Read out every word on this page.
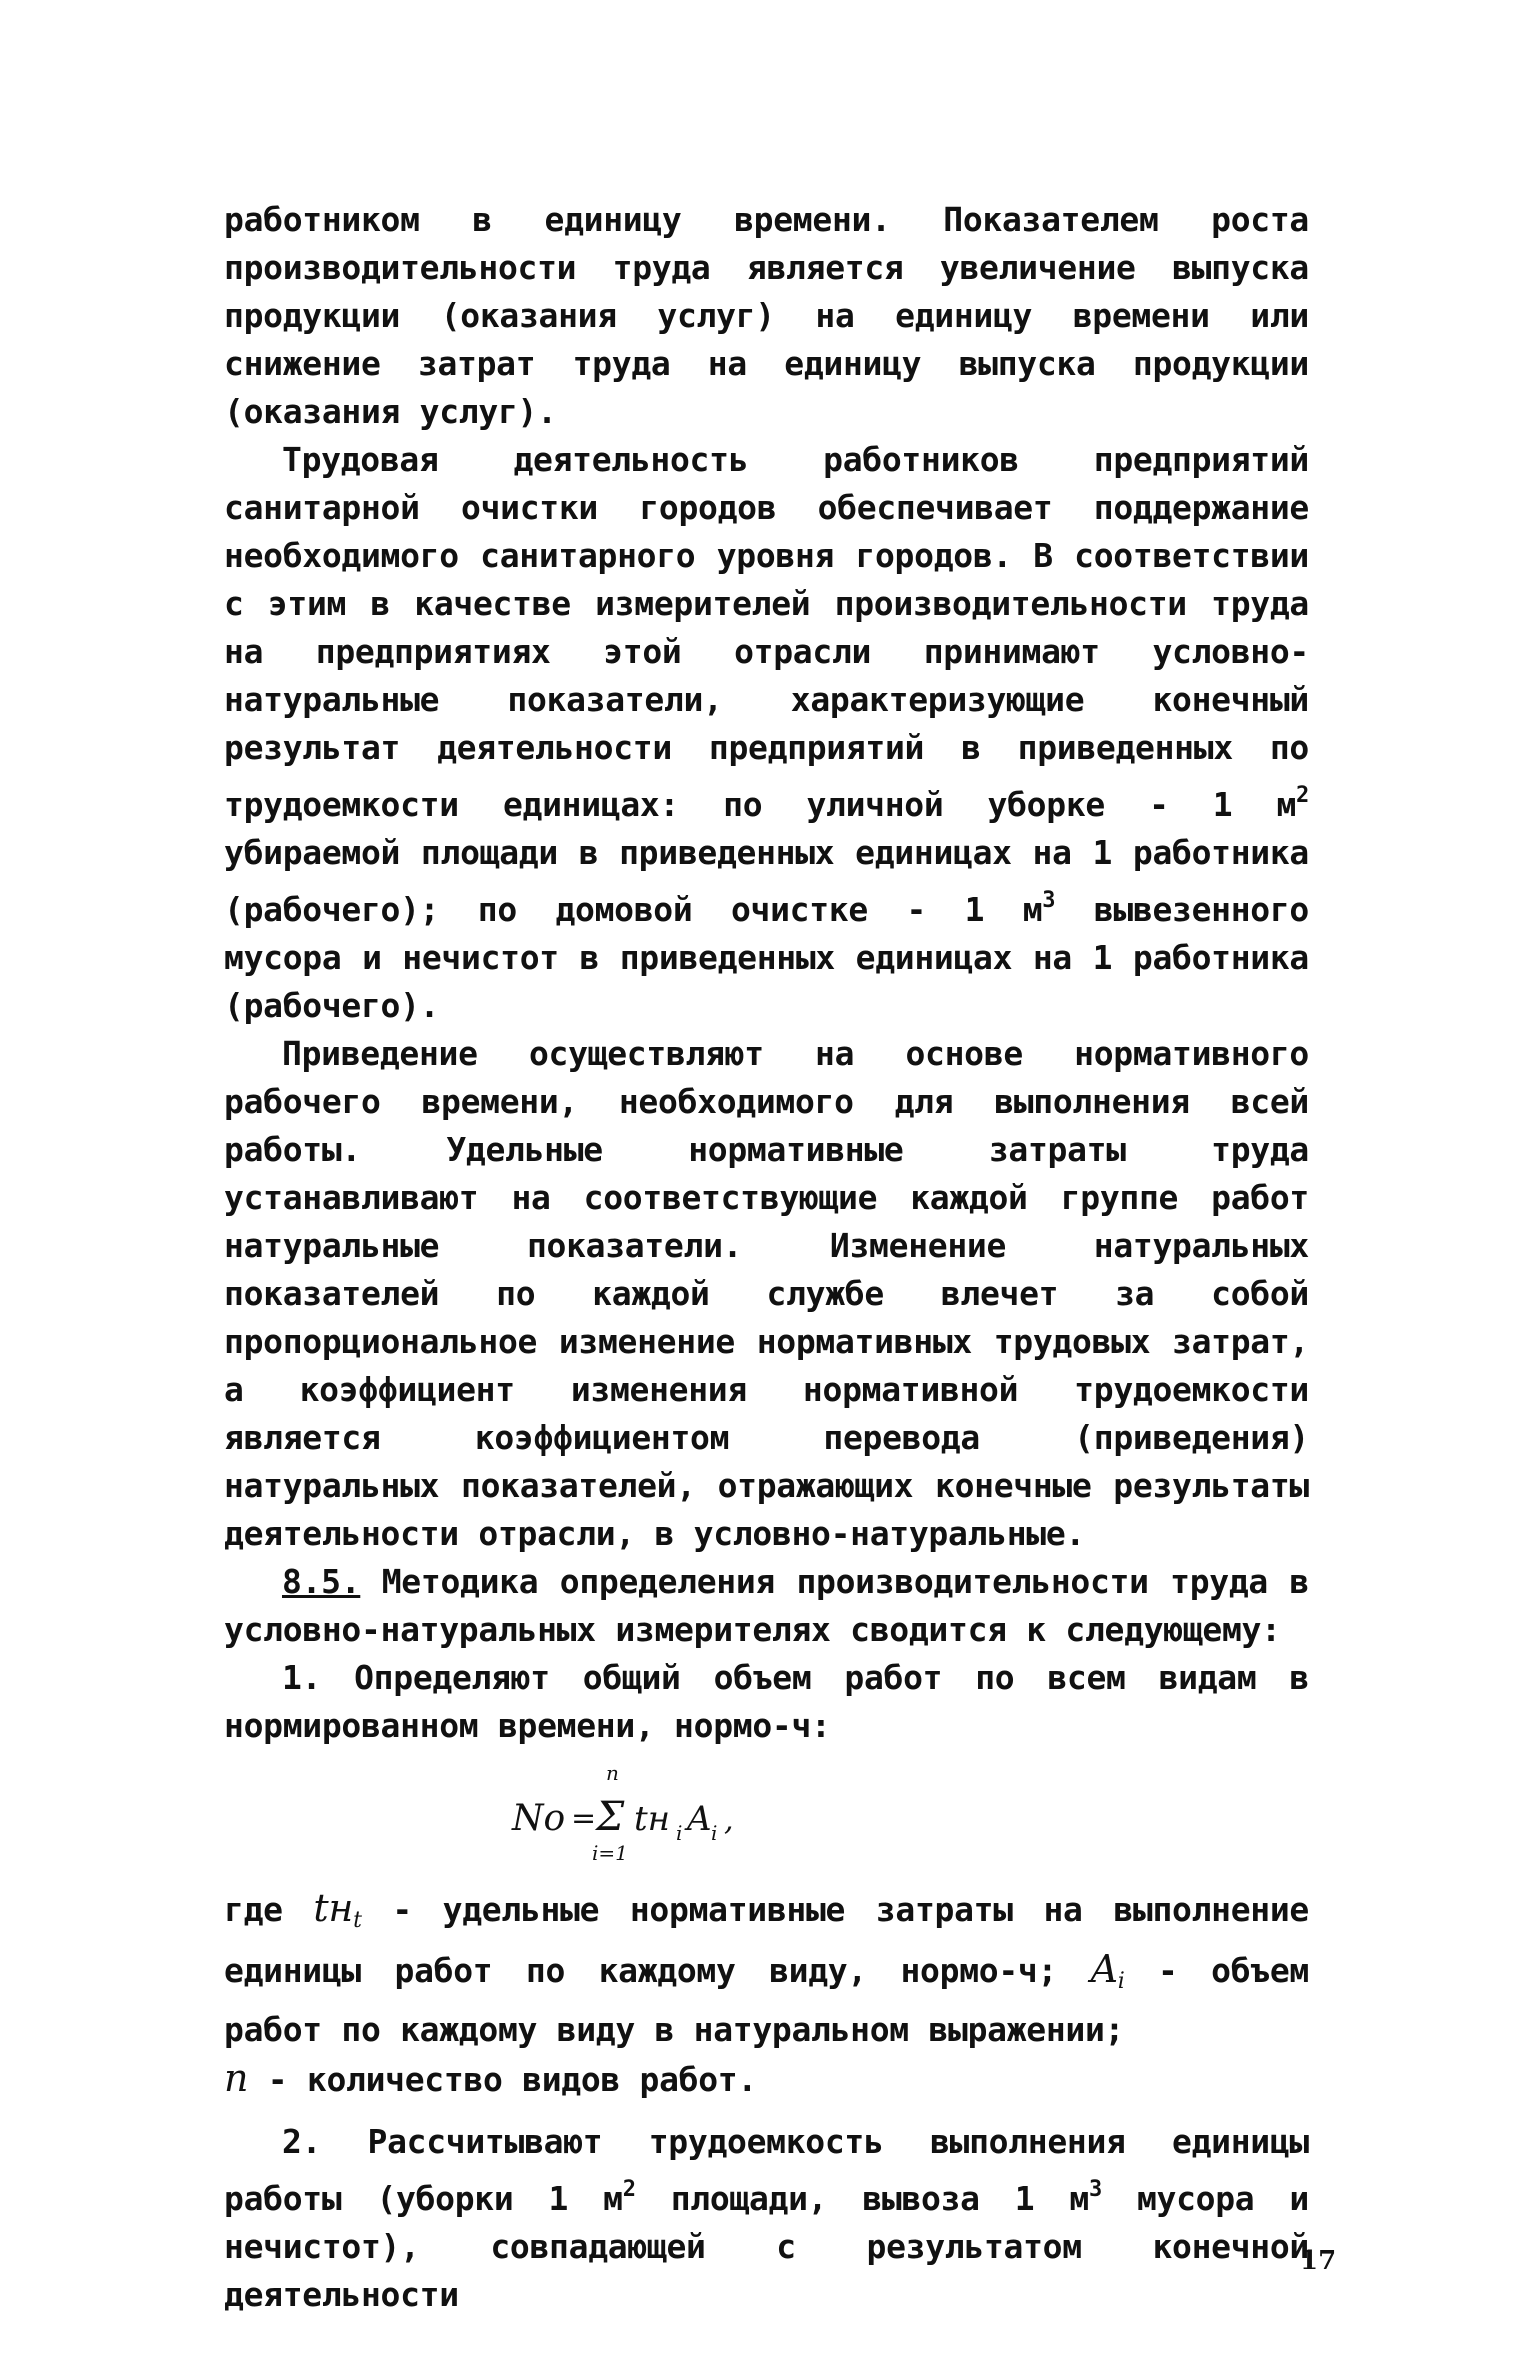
работником в единицу времени. Показателем роста производительности труда является увеличение выпуска продукции (оказания услуг) на единицу времени или снижение затрат труда на единицу выпуска продукции (оказания услуг).

Трудовая деятельность работников предприятий санитарной очистки городов обеспечивает поддержание необходимого санитарного уровня городов. В соответствии с этим в качестве измерителей производительности труда на предприятиях этой отрасли принимают условно-натуральные показатели, характеризующие конечный результат деятельности предприятий в приведенных по трудоемкости единицах: по уличной уборке - 1 $м^2$ убираемой площади в приведенных единицах на 1 работника (рабочего); по домовой очистке - 1 $м^3$ вывезенного мусора и нечистот в приведенных единицах на 1 работника (рабочего).

Приведение осуществляют на основе нормативного рабочего времени, необходимого для выполнения всей работы. Удельные нормативные затраты труда устанавливают на соответствующие каждой группе работ натуральные показатели. Изменение натуральных показателей по каждой службе влечет за собой пропорциональное изменение нормативных трудовых затрат, а коэффициент изменения нормативной трудоемкости является коэффициентом перевода (приведения) натуральных показателей, отражающих конечные результаты деятельности отрасли, в условно-натуральные.

8.5. Методика определения производительности труда в условно-натуральных измерителях сводится к следующему:

1. Определяют общий объем работ по всем видам в нормированном времени, нормо-ч:

No =
n
Σ
i=1
tн i A i ,

где $tн_t$ - удельные нормативные затраты на выполнение единицы работ по каждому виду, нормо-ч; $A_i$ - объем работ по каждому виду в натуральном выражении;
n - количество видов работ.

2. Рассчитывают трудоемкость выполнения единицы работы (уборки 1 $м^2$ площади, вывоза 1 $м^3$ мусора и нечистот), совпадающей с результатом конечной деятельности

17
